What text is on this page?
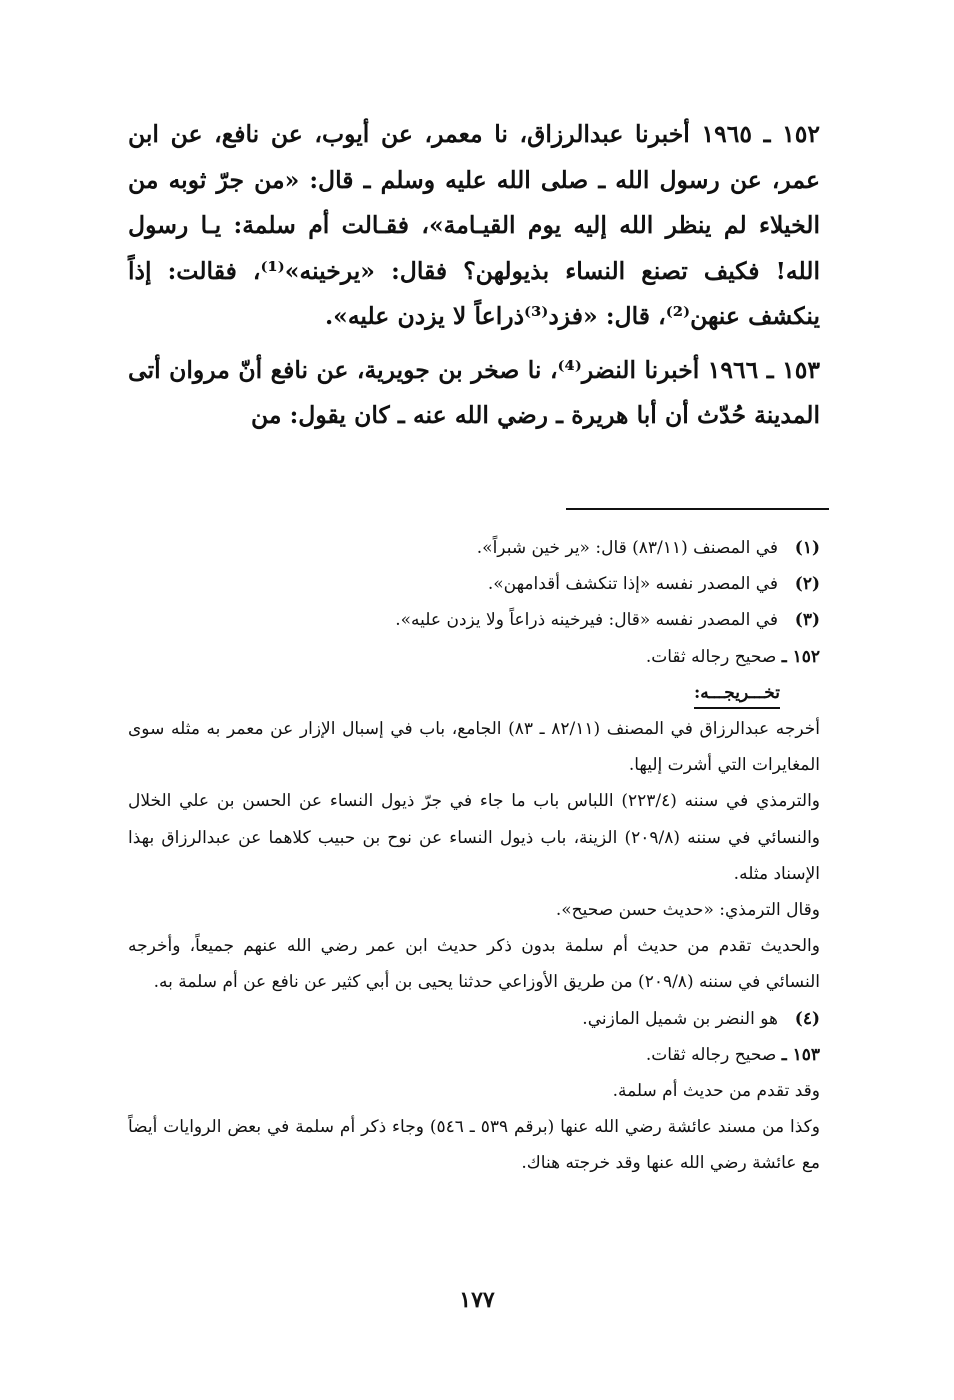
١٥٢ ـ ١٩٦٥ أخبرنا عبدالرزاق، نا معمر، عن أيوب، عن نافع، عن ابن عمر، عن رسول الله ـ صلى الله عليه وسلم ـ قال: «من جرّ ثوبه من الخيلاء لم ينظر الله إليه يوم القيـامة»، فقـالت أم سلمة: يـا رسول الله! فكيف تصنع النساء بذيولهن؟ فقال: «يرخينه»⁽¹⁾، فقالت: إذاً ينكشف عنهن⁽²⁾، قال: «فزد⁽³⁾ذراعاً لا يزدن عليه».

١٥٣ ـ ١٩٦٦ أخبرنا النضر⁽⁴⁾، نا صخر بن جويرية، عن نافع أنّ مروان أتى المدينة حُدّث أن أبا هريرة ـ رضي الله عنه ـ كان يقول: من

(١)في المصنف (٨٣/١١) قال: «ير خين شبراً».
(٢)في المصدر نفسه «إذا تنكشف أقدامهن».
(٣)في المصدر نفسه «قال: فيرخينه ذراعاً ولا يزدن عليه».
١٥٢ ـ صحيح رجاله ثقات.
تخـــريجـــه:
أخرجه عبدالرزاق في المصنف (٨٢/١١ ـ ٨٣) الجامع، باب في إسبال الإزار عن معمر به مثله سوى المغايرات التي أشرت إليها.
والترمذي في سننه (٢٢٣/٤) اللباس باب ما جاء في جرّ ذيول النساء عن الحسن بن علي الخلال والنسائي في سننه (٢٠٩/٨) الزينة، باب ذيول النساء عن نوح بن حبيب كلاهما عن عبدالرزاق بهذا الإسناد مثله.
وقال الترمذي: «حديث حسن صحيح».
والحديث تقدم من حديث أم سلمة بدون ذكر حديث ابن عمر رضي الله عنهم جميعاً، وأخرجه النسائي في سننه (٢٠٩/٨) من طريق الأوزاعي حدثنا يحيى بن أبي كثير عن نافع عن أم سلمة به.
(٤)هو النضر بن شميل المازني.
١٥٣ ـ صحيح رجاله ثقات.
وقد تقدم من حديث أم سلمة.
وكذا من مسند عائشة رضي الله عنها (برقم ٥٣٩ ـ ٥٤٦) وجاء ذكر أم سلمة في بعض الروايات أيضاً مع عائشة رضي الله عنها وقد خرجته هناك.
١٧٧
